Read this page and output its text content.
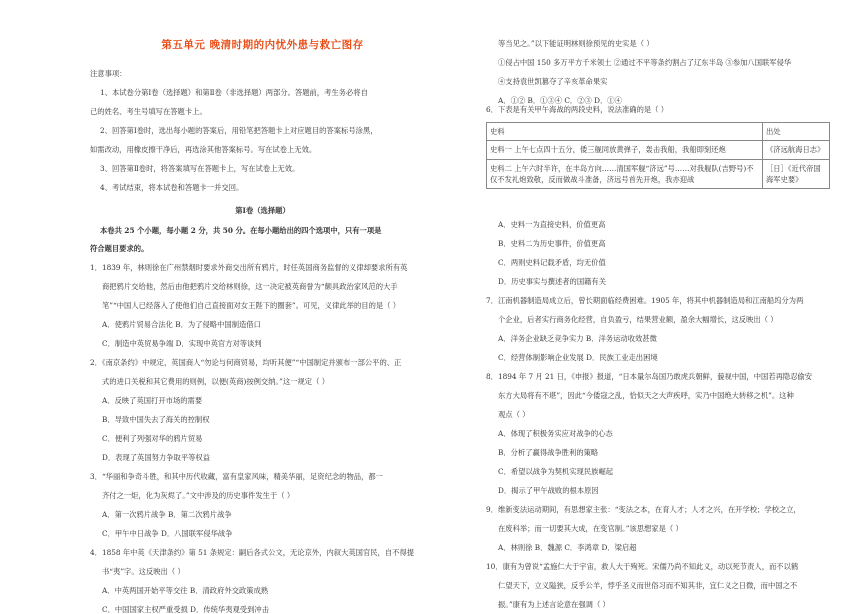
第五单元 晚清时期的内忧外患与救亡图存
注意事项：
1、本试卷分第Ⅰ卷（选择题）和第Ⅱ卷（非选择题）两部分。答题前，考生务必将自
己的姓名、考生号填写在答题卡上。
2、回答第Ⅰ卷时，选出每小题的答案后，用铅笔把答题卡上对应题目的答案标号涂黑，
如需改动，用橡皮擦干净后，再选涂其他答案标号。写在试卷上无效。
3、回答第Ⅱ卷时，将答案填写在答题卡上，写在试卷上无效。
4、考试结束，将本试卷和答题卡一并交回。
第Ⅰ卷（选择题）
本卷共 25 个小题，每小题 2 分，共 50 分。在每小题给出的四个选项中，只有一项是
符合题目要求的。
1．1839 年，林则徐在广州禁烟时要求外商交出所有鸦片，时任英国商务监督的义律却要求所有英
商把鸦片交给他，然后由他把鸦片交给林则徐，这一决定被英商誉为“颇具政治家风范的大手
笔”“中国人已经落入了使他们自己直接面对女王陛下的圈套”。可见，义律此举的目的是（ ）
A．使鸦片贸易合法化 B．为了侵略中国制造借口
C．制造中英贸易争端 D．实现中英官方对等谈判
2．《南京条约》中规定，英国商人“勿论与何商贸易，均听其便”“中国制定并颁布一部公平的、正
式的进口关税和其它费用的则例，以便(英商)按例交纳。”这一规定（ ）
A．反映了英国打开市场的需要
B．导致中国失去了海关的控制权
C．便利了列强对华的鸦片贸易
D．表现了英国努力争取平等权益
3．“华丽和争奇斗胜，和其中历代收藏，富有皇家风味，精美华丽，足资纪念的物品，都一
齐付之一炬，化为灰烬了。”文中涉及的历史事件发生于（ ）
A．第一次鸦片战争 B．第二次鸦片战争
C．甲午中日战争 D．八国联军侵华战争
4．1858 年中英《天津条约》第 51 条规定：嗣后各式公文，无论京外，内叙大英国官民，自不得提
书“夷”字。这反映出（ ）
A．中英两国开始平等交往 B．清政府外交政策成熟
C．中国国家主权严重受损 D．传统华夷观受到冲击
等当见之。”以下能证明林则徐预见的史实是（ ）
①侵占中国 150 多万平方千米领土 ②通过不平等条约割占了辽东半岛 ③参加八国联军侵华
④支持袁世凯篡夺了辛亥革命果实
A．①② B．①③④ C．②③ D．①④
6．下表是有关甲午海战的两段史料，说法准确的是（ ）
史料	出处
史料一 上午七点四十五分，倭三舰同放黄弹子，轰击我船，我船即刻还炮	《济远航海日志》
史料二 上午六时半许，在丰岛方向……清国军舰“济远”号……对我舰队(吉野号)不仅不发礼炮致敬，反而做战斗准备，济远号首先开炮，我亦迎战	［日］《近代帝国海军史要》
A．史料一为直接史料，价值更高
B．史料二为历史事件，价值更高
C．两则史料记载矛盾，均无价值
D．历史事实与撰述者的国籍有关
7．江南机器制造局成立后，曾长期面临经费困难。1905 年，将其中机器制造局和江南船坞分为两
个企业，后者实行商务化经营，自负盈亏，结果营业额，盈余大幅增长，这反映出（ ）
A．洋务企业缺乏竞争实力 B．洋务运动收效甚微
C．经营体制影响企业发展 D．民族工业走出困境
8．1894 年 7 月 21 日，《申报》报道，“日本量尔岛国乃敢虎兵朝鲜，藐视中国，中国若再隐忍偷安
东方大局将有不堪”，因此“今倭寇之乱，恰似天之大声疾呼，实乃中国绝大转移之机”。这种
观点（ ）
A．体现了积极务实应对战争的心态
B．分析了赢得战争胜利的策略
C．希望以战争为契机实现民族崛起
D．揭示了甲午战败的根本原因
9．维新变法运动期间，有思想家主张：“变法之本，在育人才；人才之兴，在开学校；学校之立，
在废科举；而一切要其大成，在变官制。”该思想家是（ ）
A．林则徐 B．魏源 C．李鸿章 D．梁启超
10．康有为曾说“孟施仁大于宇宙，救人大于殉死。宋儒乃尚不知此义，动以死节责人，而不以鹤
仁望天下，立义隘狭，反乎公羊，悖乎圣义而世俗习而不知其非，宜仁义之日微，而中国之不
振。”康有为上述言论意在强调（ ）
